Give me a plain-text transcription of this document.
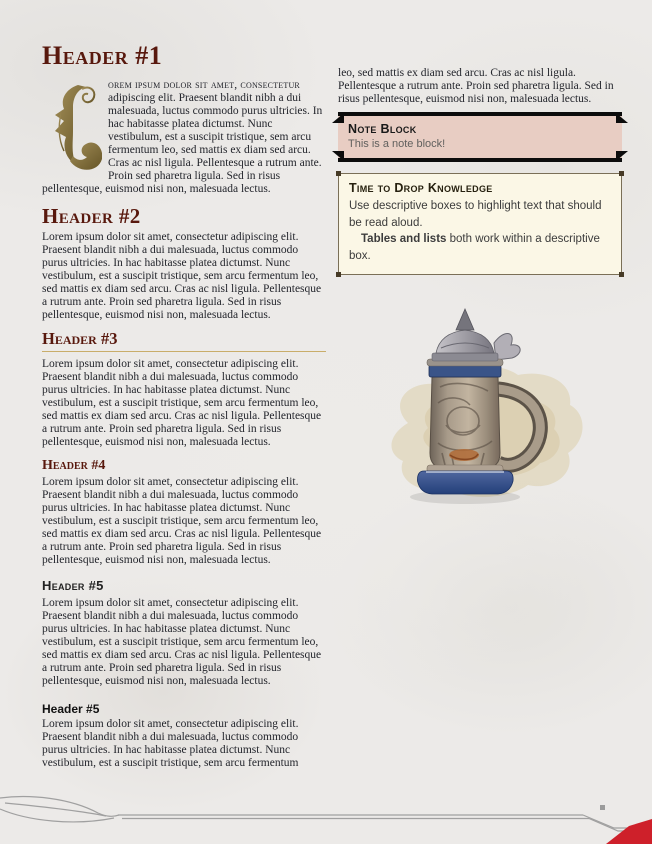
Header #1

orem ipsum dolor sit amet, consectetur adipiscing elit. Praesent blandit nibh a dui malesuada, luctus commodo purus ultricies. In hac habitasse platea dictumst. Nunc vestibulum, est a suscipit tristique, sem arcu fermentum leo, sed mattis ex diam sed arcu. Cras ac nisl ligula. Pellentesque a rutrum ante. Proin sed pharetra ligula. Sed in risus pellentesque, euismod nisi non, malesuada lectus.

Header #2

Lorem ipsum dolor sit amet, consectetur adipiscing elit. Praesent blandit nibh a dui malesuada, luctus commodo purus ultricies. In hac habitasse platea dictumst. Nunc vestibulum, est a suscipit tristique, sem arcu fermentum leo, sed mattis ex diam sed arcu. Cras ac nisl ligula. Pellentesque a rutrum ante. Proin sed pharetra ligula. Sed in risus pellentesque, euismod nisi non, malesuada lectus.

Header #3

Lorem ipsum dolor sit amet, consectetur adipiscing elit. Praesent blandit nibh a dui malesuada, luctus commodo purus ultricies. In hac habitasse platea dictumst. Nunc vestibulum, est a suscipit tristique, sem arcu fermentum leo, sed mattis ex diam sed arcu. Cras ac nisl ligula. Pellentesque a rutrum ante. Proin sed pharetra ligula. Sed in risus pellentesque, euismod nisi non, malesuada lectus.

Header #4

Lorem ipsum dolor sit amet, consectetur adipiscing elit. Praesent blandit nibh a dui malesuada, luctus commodo purus ultricies. In hac habitasse platea dictumst. Nunc vestibulum, est a suscipit tristique, sem arcu fermentum leo, sed mattis ex diam sed arcu. Cras ac nisl ligula. Pellentesque a rutrum ante. Proin sed pharetra ligula. Sed in risus pellentesque, euismod nisi non, malesuada lectus.

Header #5

Lorem ipsum dolor sit amet, consectetur adipiscing elit. Praesent blandit nibh a dui malesuada, luctus commodo purus ultricies. In hac habitasse platea dictumst. Nunc vestibulum, est a suscipit tristique, sem arcu fermentum leo, sed mattis ex diam sed arcu. Cras ac nisl ligula. Pellentesque a rutrum ante. Proin sed pharetra ligula. Sed in risus pellentesque, euismod nisi non, malesuada lectus.

Header #5

Lorem ipsum dolor sit amet, consectetur adipiscing elit. Praesent blandit nibh a dui malesuada, luctus commodo purus ultricies. In hac habitasse platea dictumst. Nunc vestibulum, est a suscipit tristique, sem arcu fermentum

leo, sed mattis ex diam sed arcu. Cras ac nisl ligula. Pellentesque a rutrum ante. Proin sed pharetra ligula. Sed in risus pellentesque, euismod nisi non, malesuada lectus.

Note Block
This is a note block!
Time to Drop Knowledge

Use descriptive boxes to highlight text that should be read aloud.

Tables and lists both work within a descriptive box.
